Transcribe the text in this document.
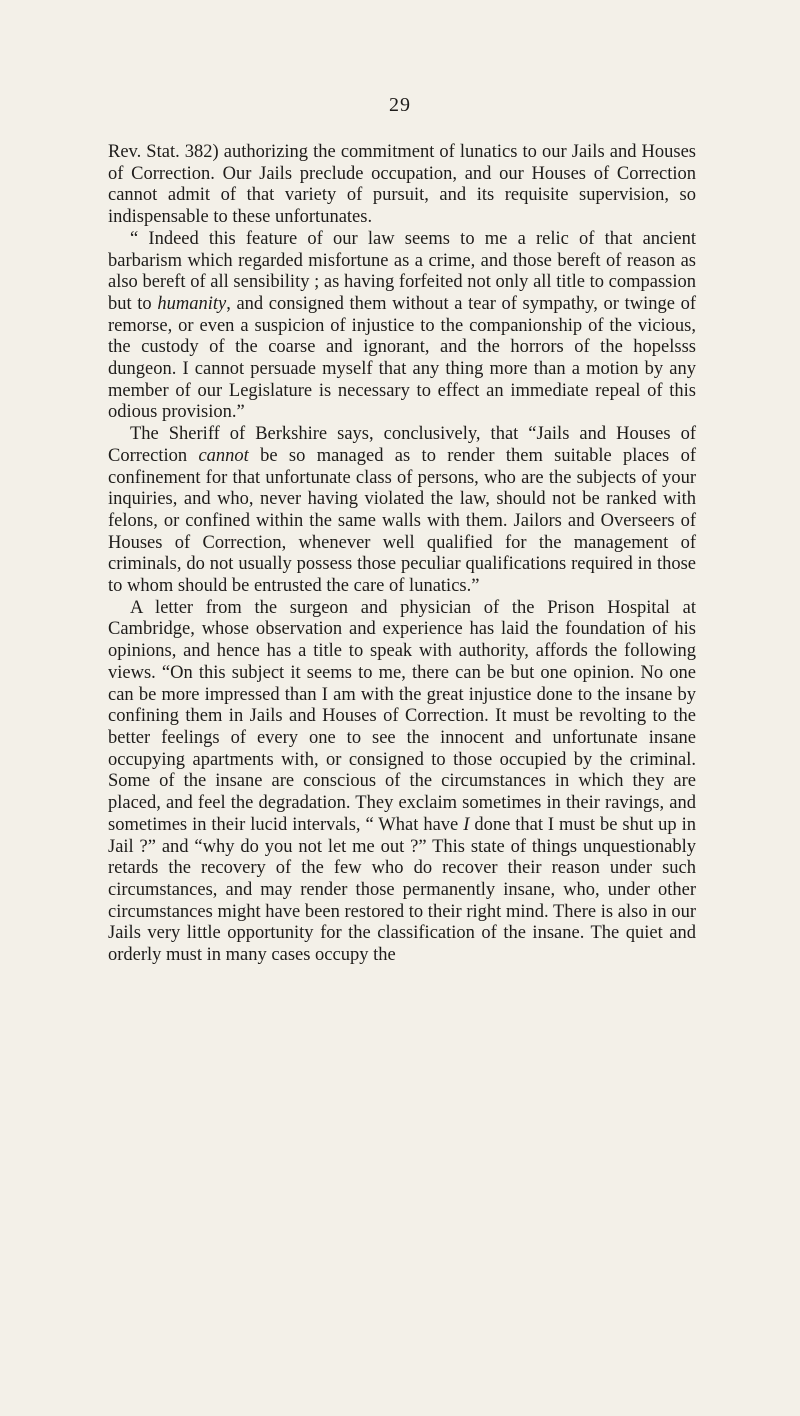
29

Rev. Stat. 382) authorizing the commitment of lunatics to our Jails and Houses of Correction. Our Jails preclude occupation, and our Houses of Correction cannot admit of that variety of pursuit, and its requisite supervision, so indispensable to these unfortunates.

“ Indeed this feature of our law seems to me a relic of that ancient barbarism which regarded misfortune as a crime, and those bereft of reason as also bereft of all sensibility ; as having forfeited not only all title to compassion but to humanity, and consigned them without a tear of sympathy, or twinge of remorse, or even a suspicion of injustice to the companionship of the vicious, the custody of the coarse and ignorant, and the horrors of the hopelsss dungeon. I cannot persuade myself that any thing more than a motion by any member of our Legislature is necessary to effect an immediate repeal of this odious provision.”

The Sheriff of Berkshire says, conclusively, that “Jails and Houses of Correction cannot be so managed as to render them suitable places of confinement for that unfortunate class of persons, who are the subjects of your inquiries, and who, never having violated the law, should not be ranked with felons, or confined within the same walls with them. Jailors and Overseers of Houses of Correction, whenever well qualified for the management of criminals, do not usually possess those peculiar qualifications required in those to whom should be entrusted the care of lunatics.”

A letter from the surgeon and physician of the Prison Hospital at Cambridge, whose observation and experience has laid the foundation of his opinions, and hence has a title to speak with authority, affords the following views. “On this subject it seems to me, there can be but one opinion. No one can be more impressed than I am with the great injustice done to the insane by confining them in Jails and Houses of Correction. It must be revolting to the better feelings of every one to see the innocent and unfortunate insane occupying apartments with, or consigned to those occupied by the criminal. Some of the insane are conscious of the circumstances in which they are placed, and feel the degradation. They exclaim sometimes in their ravings, and sometimes in their lucid intervals, “ What have I done that I must be shut up in Jail ?” and “why do you not let me out ?” This state of things unquestionably retards the recovery of the few who do recover their reason under such circumstances, and may render those permanently insane, who, under other circumstances might have been restored to their right mind. There is also in our Jails very little opportunity for the classification of the insane. The quiet and orderly must in many cases occupy the
